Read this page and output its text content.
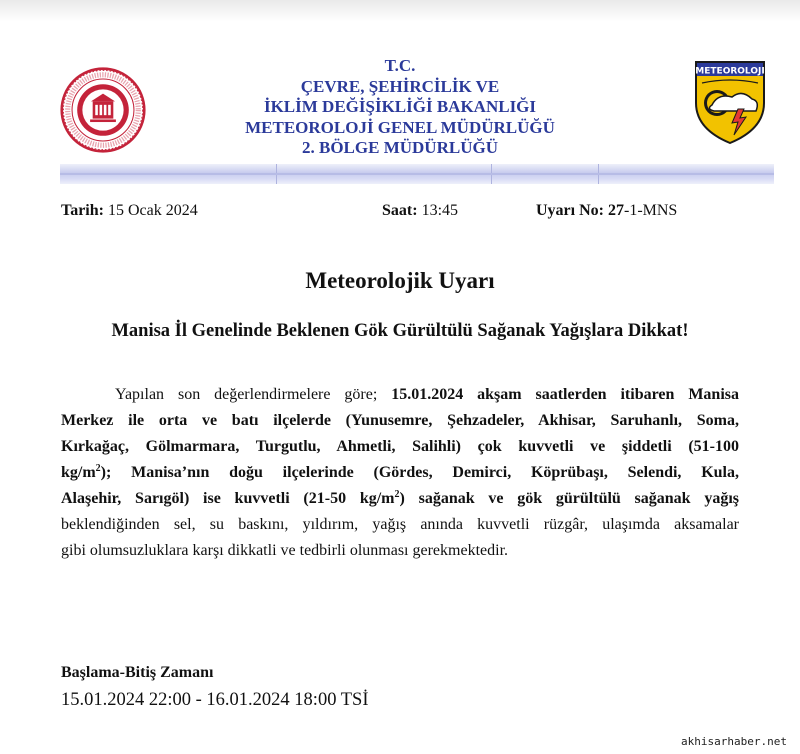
METEOROLOJI
T.C.
ÇEVRE, ŞEHİRCİLİK VE
İKLİM DEĞİŞİKLİĞİ BAKANLIĞI
METEOROLOJİ GENEL MÜDÜRLÜĞÜ
2. BÖLGE MÜDÜRLÜĞÜ
Tarih: 15 Ocak 2024	Saat: 13:45	Uyarı No: 27-1-MNS
Meteorolojik Uyarı
Manisa İl Genelinde Beklenen Gök Gürültülü Sağanak Yağışlara Dikkat!
Yapılan son değerlendirmelere göre; 15.01.2024 akşam saatlerden itibaren Manisa
Merkez ile orta ve batı ilçelerde (Yunusemre, Şehzadeler, Akhisar, Saruhanlı, Soma,
Kırkağaç, Gölmarmara, Turgutlu, Ahmetli, Salihli) çok kuvvetli ve şiddetli (51-100
$kg/m^2$); Manisa’nın doğu ilçelerinde (Gördes, Demirci, Köprübaşı, Selendi, Kula,
Alaşehir, Sarıgöl) ise kuvvetli (21-50 $kg/m^2$) sağanak ve gök gürültülü sağanak yağış
beklendiğinden sel, su baskını, yıldırım, yağış anında kuvvetli rüzgâr, ulaşımda aksamalar
gibi olumsuzluklara karşı dikkatli ve tedbirli olunması gerekmektedir.
Başlama-Bitiş Zamanı
15.01.2024 22:00 - 16.01.2024 18:00 TSİ
akhisarhaber.net
